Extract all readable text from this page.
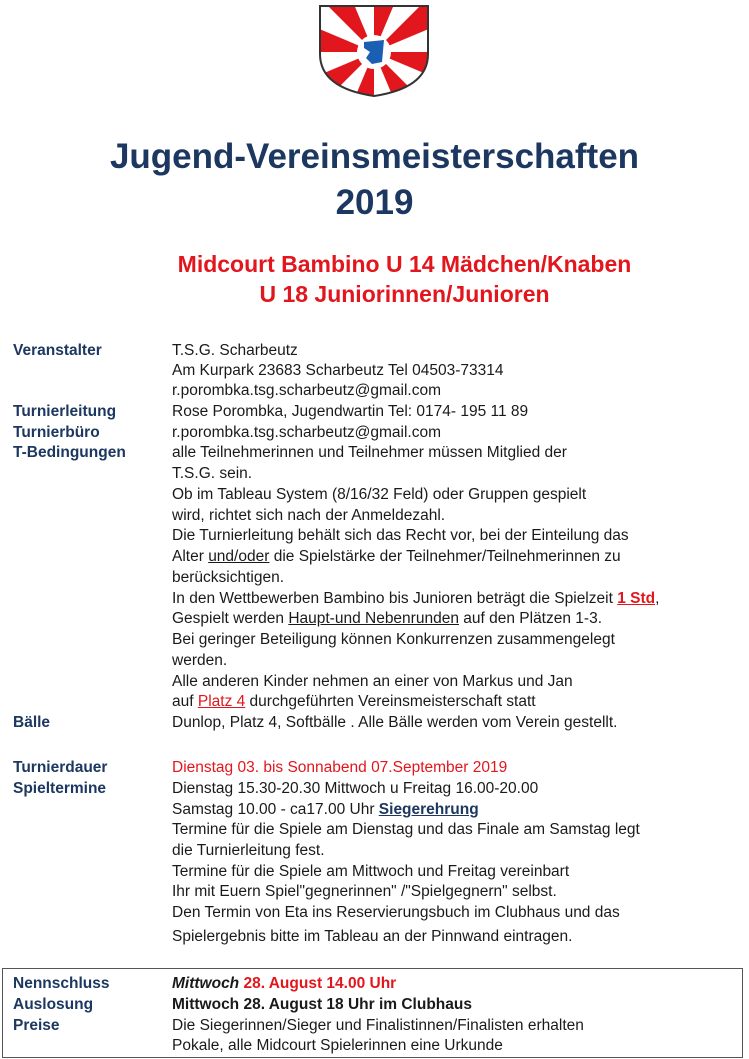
Jugend-Vereinsmeisterschaften
2019
Midcourt Bambino U 14 Mädchen/Knaben
U 18 Juniorinnen/Junioren
Veranstalter	T.S.G. Scharbeutz
Am Kurpark 23683 Scharbeutz Tel 04503-73314
r.porombka.tsg.scharbeutz@gmail.com
Turnierleitung	Rose Porombka, Jugendwartin Tel: 0174- 195 11 89
Turnierbüro	r.porombka.tsg.scharbeutz@gmail.com
T-Bedingungen	alle Teilnehmerinnen und Teilnehmer müssen Mitglied der
T.S.G. sein.
Ob im Tableau System (8/16/32 Feld) oder Gruppen gespielt
wird, richtet sich nach der Anmeldezahl.
Die Turnierleitung behält sich das Recht vor, bei der Einteilung das
Alter und/oder die Spielstärke der Teilnehmer/Teilnehmerinnen zu
berücksichtigen.
In den Wettbewerben Bambino bis Junioren beträgt die Spielzeit 1 Std,
Gespielt werden Haupt-und Nebenrunden auf den Plätzen 1-3.
Bei geringer Beteiligung können Konkurrenzen zusammengelegt
werden.
Alle anderen Kinder nehmen an einer von Markus und Jan
auf Platz 4 durchgeführten Vereinsmeisterschaft statt
Bälle	Dunlop, Platz 4, Softbälle . Alle Bälle werden vom Verein gestellt.
Turnierdauer	Dienstag 03. bis Sonnabend 07.September 2019
Spieltermine	Dienstag 15.30-20.30 Mittwoch u Freitag 16.00-20.00
Samstag 10.00 - ca17.00 Uhr Siegerehrung
Termine für die Spiele am Dienstag und das Finale am Samstag legt
die Turnierleitung fest.
Termine für die Spiele am Mittwoch und Freitag vereinbart
Ihr mit Euern Spiel"gegnerinnen" /"Spielgegnern" selbst.
Den Termin von Eta ins Reservierungsbuch im Clubhaus und das
Spielergebnis bitte im Tableau an der Pinnwand eintragen.
Nennschluss	Mittwoch 28. August 14.00 Uhr
Auslosung	Mittwoch 28. August 18 Uhr im Clubhaus
Preise	Die Siegerinnen/Sieger und Finalistinnen/Finalisten erhalten
Pokale, alle Midcourt Spielerinnen eine Urkunde
